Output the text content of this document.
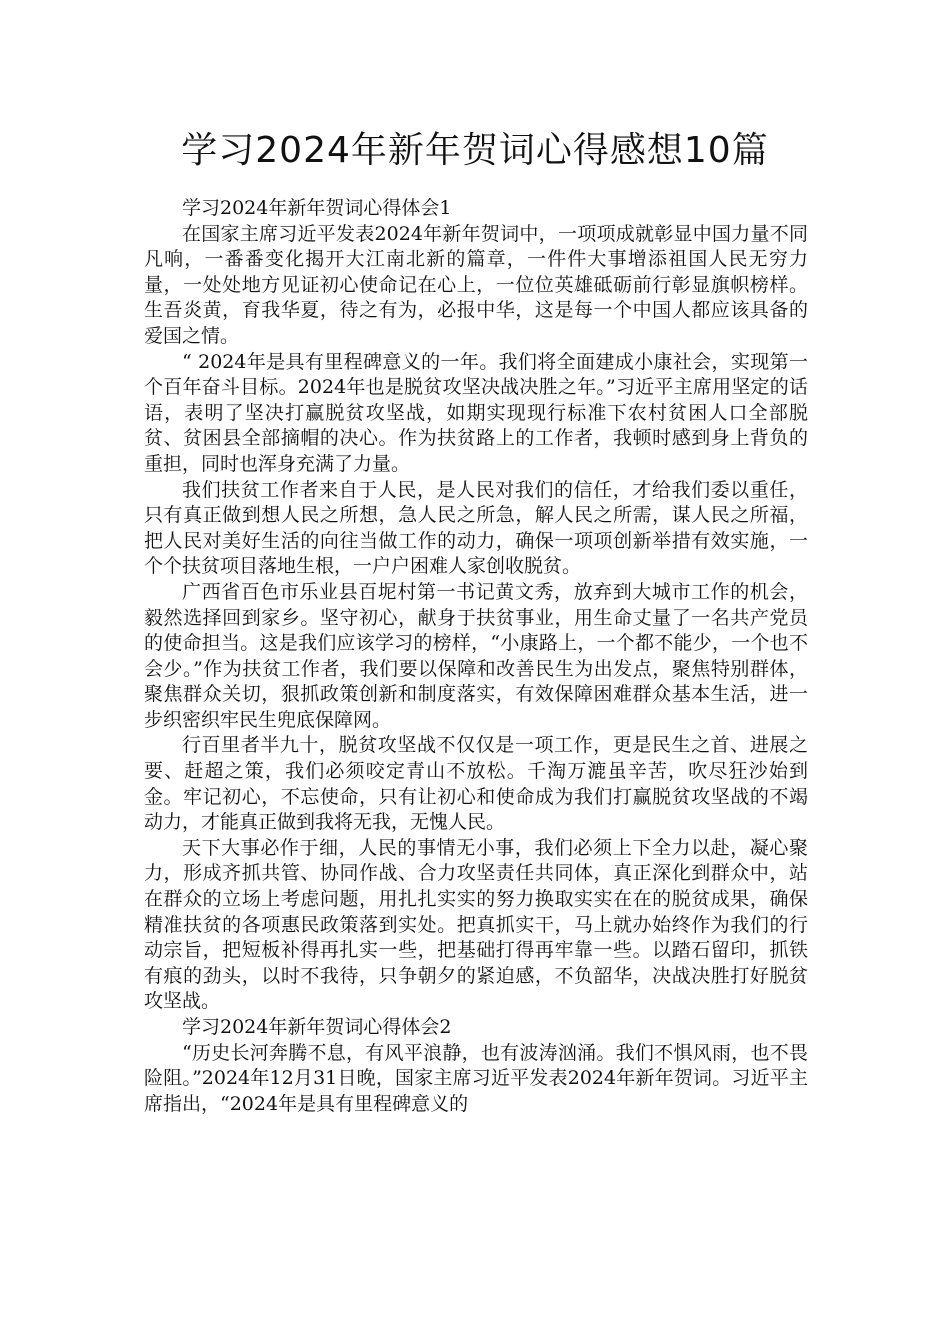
学习2024年新年贺词心得感想10篇

学习2024年新年贺词心得体会1

在国家主席习近平发表2024年新年贺词中，一项项成就彰显中国力量不同凡响，一番番变化揭开大江南北新的篇章，一件件大事增添祖国人民无穷力量，一处处地方见证初心使命记在心上，一位位英雄砥砺前行彰显旗帜榜样。生吾炎黄，育我华夏，待之有为，必报中华，这是每一个中国人都应该具备的爱国之情。

“ 2024年是具有里程碑意义的一年。我们将全面建成小康社会，实现第一个百年奋斗目标。2024年也是脱贫攻坚决战决胜之年。”习近平主席用坚定的话语，表明了坚决打赢脱贫攻坚战，如期实现现行标准下农村贫困人口全部脱贫、贫困县全部摘帽的决心。作为扶贫路上的工作者，我顿时感到身上背负的重担，同时也浑身充满了力量。

我们扶贫工作者来自于人民，是人民对我们的信任，才给我们委以重任，只有真正做到想人民之所想，急人民之所急，解人民之所需，谋人民之所福，把人民对美好生活的向往当做工作的动力，确保一项项创新举措有效实施，一个个扶贫项目落地生根，一户户困难人家创收脱贫。

广西省百色市乐业县百坭村第一书记黄文秀，放弃到大城市工作的机会，毅然选择回到家乡。坚守初心，献身于扶贫事业，用生命丈量了一名共产党员的使命担当。这是我们应该学习的榜样，“小康路上，一个都不能少，一个也不会少。”作为扶贫工作者，我们要以保障和改善民生为出发点，聚焦特别群体，聚焦群众关切，狠抓政策创新和制度落实，有效保障困难群众基本生活，进一步织密织牢民生兜底保障网。

行百里者半九十，脱贫攻坚战不仅仅是一项工作，更是民生之首、进展之要、赶超之策，我们必须咬定青山不放松。千淘万漉虽辛苦，吹尽狂沙始到金。牢记初心，不忘使命，只有让初心和使命成为我们打赢脱贫攻坚战的不竭动力，才能真正做到我将无我，无愧人民。

天下大事必作于细，人民的事情无小事，我们必须上下全力以赴，凝心聚力，形成齐抓共管、协同作战、合力攻坚责任共同体，真正深化到群众中，站在群众的立场上考虑问题，用扎扎实实的努力换取实实在在的脱贫成果，确保精准扶贫的各项惠民政策落到实处。把真抓实干，马上就办始终作为我们的行动宗旨，把短板补得再扎实一些，把基础打得再牢靠一些。以踏石留印，抓铁有痕的劲头，以时不我待，只争朝夕的紧迫感，不负韶华，决战决胜打好脱贫攻坚战。

学习2024年新年贺词心得体会2

“历史长河奔腾不息，有风平浪静，也有波涛汹涌。我们不惧风雨，也不畏险阻。”2024年12月31日晚，国家主席习近平发表2024年新年贺词。习近平主席指出，“2024年是具有里程碑意义的
